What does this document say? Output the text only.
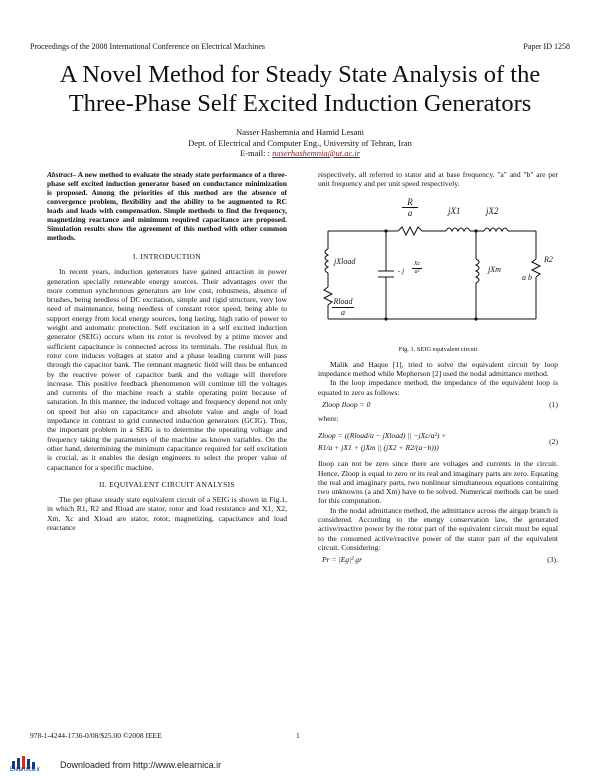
Proceedings of the 2008 International Conference on Electrical Machines	Paper ID 1258
A Novel Method for Steady State Analysis of the
Three-Phase Self Excited Induction Generators
Nasser Hashemnia and Hamid Lesani
Dept. of Electrical and Computer Eng., University of Tehran, Iran
E-mail: : naserhashemnia@ut.ac.ir
Abstract– A new method to evaluate the steady state performance of a three-phase self excited induction generator based on conductance minimization is proposed. Among the priorities of this method are the absence of convergence problem, flexibility and the ability to be augmented to RC loads and leads with compensation. Simple methods to find the frequency, magnetizing reactance and minimum required capacitance are proposed. Simulation results show the agreement of this method with other common methods.
I. INTRODUCTION
In recent years, induction generators have gained attraction in power generation specially renewable energy sources. Their advantages over the more common synchronous generators are low cost, robustness, absence of brushes, being needless of DC excitation, simple and rigid structure, very low need of maintenance, being needless of constant rotor speed, being able to support energy from local energy sources, long lasting, high ratio of power to weight and automatic protection. Self excitation in a self excited induction generator (SEIG) occurs when its rotor is revolved by a prime mover and sufficient capacitance is connected across its terminals. The residual flux in rotor core induces voltages at stator and a phase leading current will pass through the capacitor bank. The remnant magnetic field will thus be enhanced by the reactive power of capacitor bank and the voltage will therefore increase. This positive feedback phenomenon will continue till the voltages and currents of the machine reach a stable operating point because of saturation. In this manner, the induced voltage and frequency depend not only on speed but also on capacitance and absolute value and angle of load impedance in contrast to grid connected induction generators (GCIG). Thus, the important problem in a SEIG is to determine the operating voltage and frequency taking the parameters of the machine as known variables. On the other hand, determining the minimum capacitance required for self excitation is crucial, as it enables the design engineers to select the proper value of capacitance for a specific machine.
II. EQUIVALENT CIRCUIT ANALYSIS
The per phase steady state equivalent circuit of a SEIG is shown in Fig.1, in which R1, R2 and Rload are stator, rotor and load resistance and X1, X2, Xm, Xc and Xload are stator, rotor, magnetizing, capacitance and load reactance
respectively, all referred to stator and at base frequency. "a" and "b" are per unit frequency and per unit speed respectively.
R
a	jX1	jX2
jXload
Rload
a
- j
Xc
a²	jXm
R2
a b
Fig. 1. SEIG equivalent circuit
Malik and Haque [1], tried to solve the equivalent circuit by loop impedance method while Mepherson [2] used the nodal admittance method.
In the loop impedance method, the impedance of the equivalent loop is equated to zero as follows:
Zloop Iloop = 0	(1)
where:
Zloop = ((Rload/a − jXload) || −jXc/a²) +
R1/a + jX1 + (jXm || (jX2 + R2/(a−b)))
(2)
Iloop can not be zero since there are voltages and currents in the circuit. Hence, Zloop is equal to zero or its real and imaginary parts are zero. Equating the real and imaginary parts, two nonlinear simultaneous equations containing two unknowns (a and Xm) have to be solved. Numerical methods can be used for this computation.
In the nodal admittance method, the admittance across the airgap branch is considered. According to the energy conservation law, the generated active/reactive power by the rotor part of the equivalent circuit must be equal to the consumed active/reactive power of the stator part of the equivalent circuit. Considering:
Pr = |Eg|² gr	(3).
978-1-4244-1736-0/08/$25.00 ©2008 IEEE	1
Elearnica.ir Downloaded from http://www.elearnica.ir
